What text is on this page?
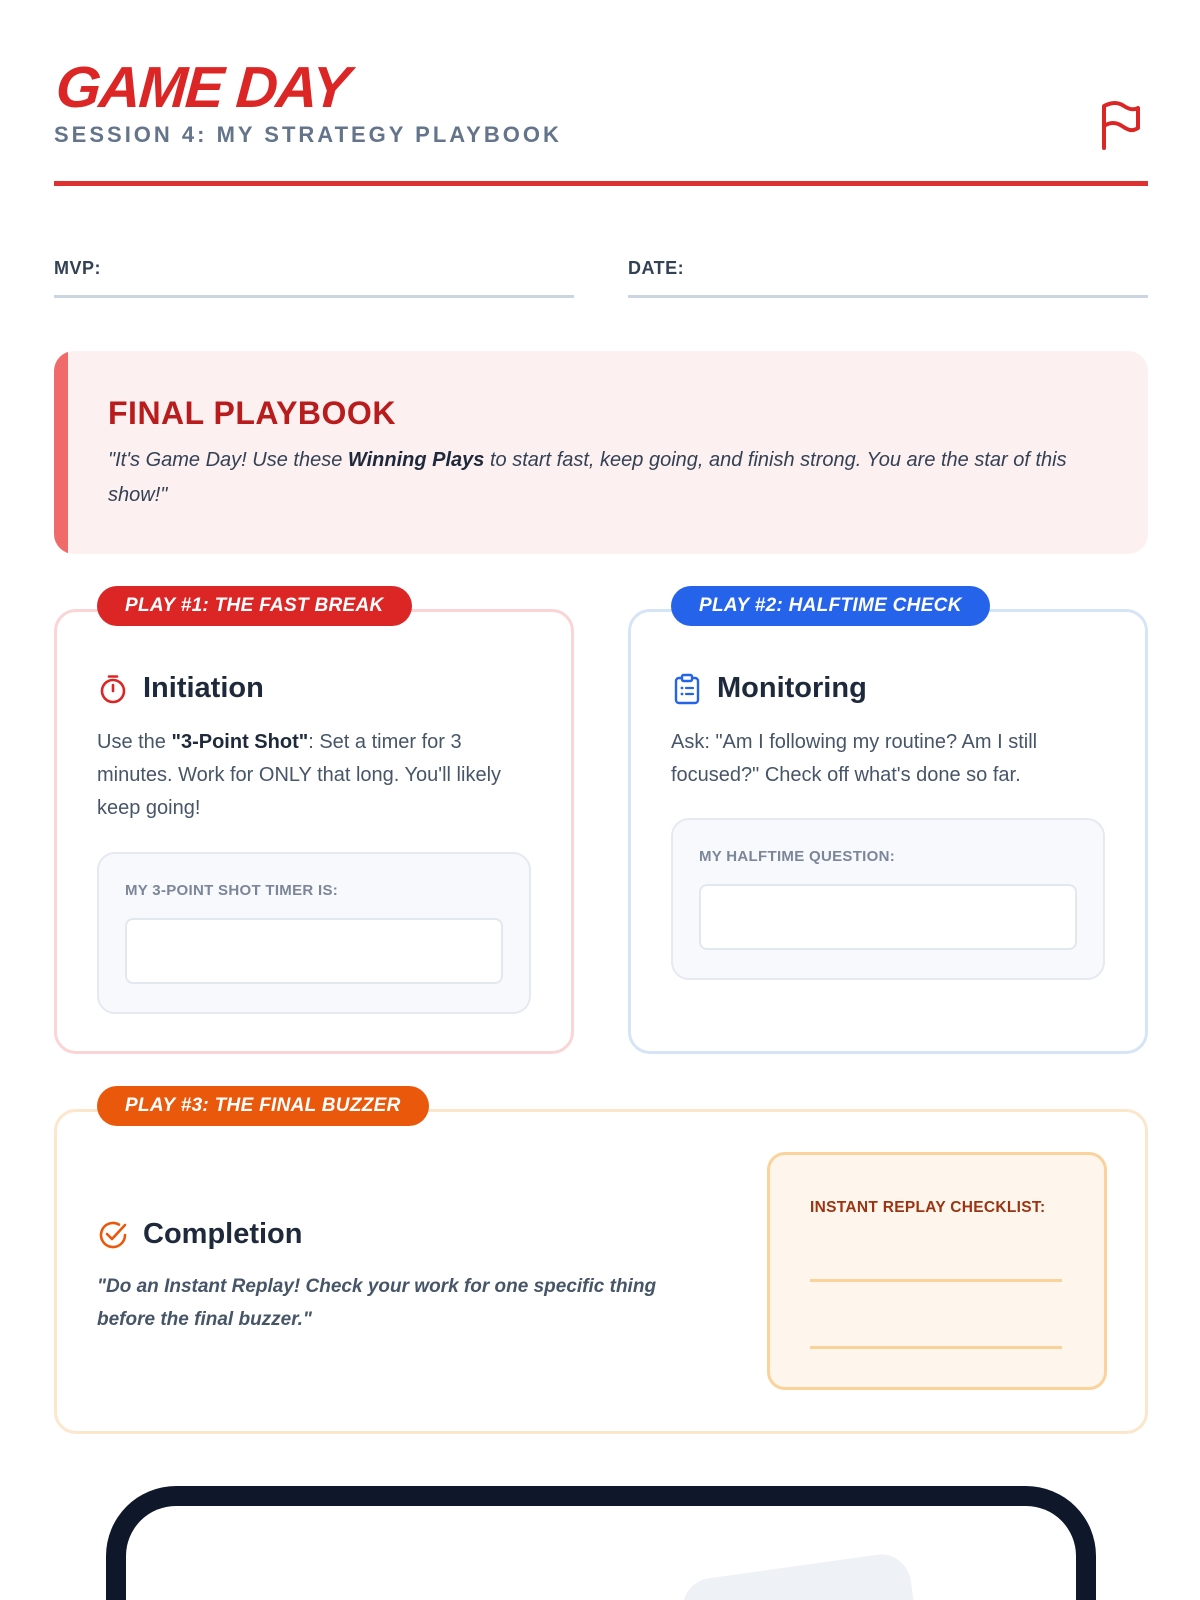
GAME DAY
SESSION 4: MY STRATEGY PLAYBOOK
MVP:	DATE:
FINAL PLAYBOOK
"It's Game Day! Use these Winning Plays to start fast, keep going, and finish strong. You are the star of this show!"
PLAY #1: THE FAST BREAK
Initiation
Use the "3-Point Shot": Set a timer for 3 minutes. Work for ONLY that long. You'll likely keep going!
MY 3-POINT SHOT TIMER IS:
PLAY #2: HALFTIME CHECK
Monitoring
Ask: "Am I following my routine? Am I still focused?" Check off what's done so far.
MY HALFTIME QUESTION:
PLAY #3: THE FINAL BUZZER
Completion
"Do an Instant Replay! Check your work for one specific thing before the final buzzer."
INSTANT REPLAY CHECKLIST:
